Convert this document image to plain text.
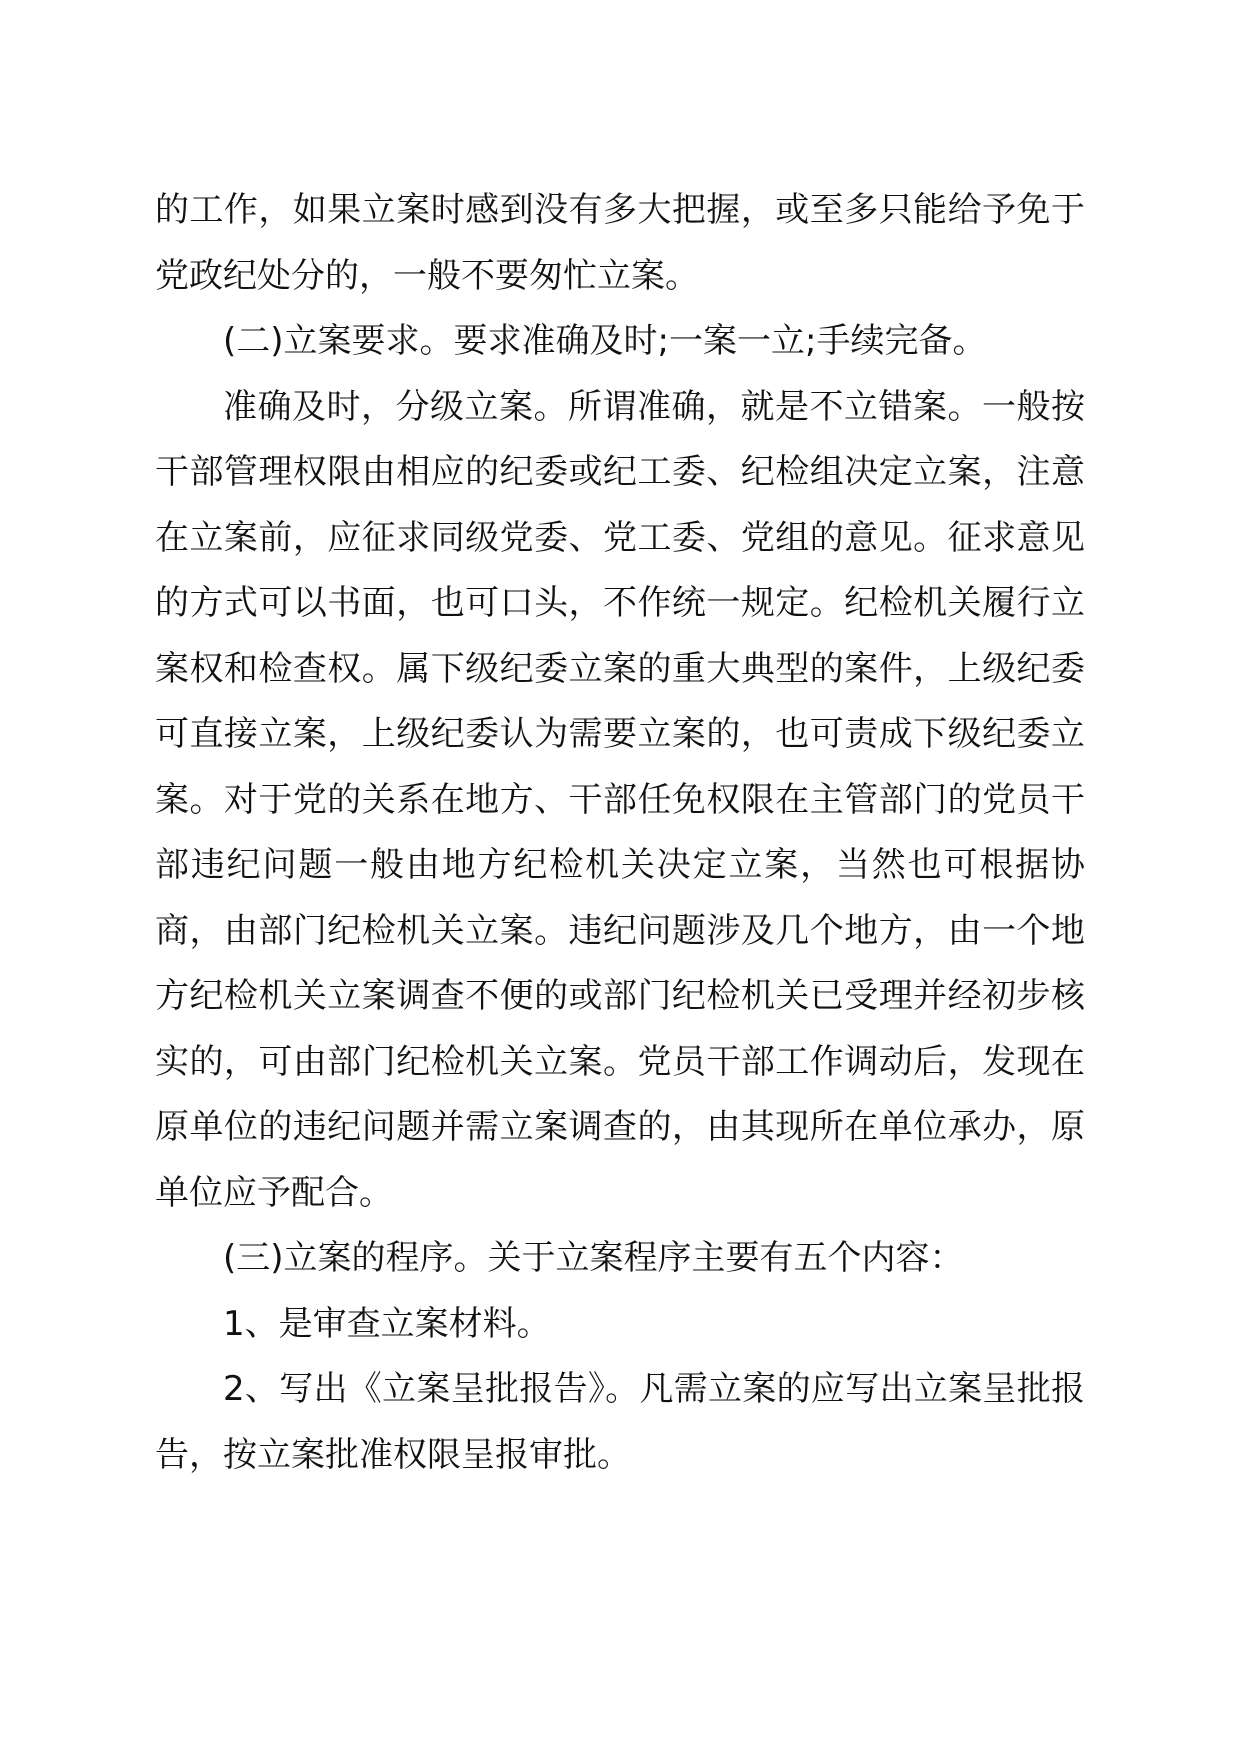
的工作，如果立案时感到没有多大把握，或至多只能给予免于党政纪处分的，一般不要匆忙立案。

(二)立案要求。要求准确及时;一案一立;手续完备。

准确及时，分级立案。所谓准确，就是不立错案。一般按干部管理权限由相应的纪委或纪工委、纪检组决定立案，注意在立案前，应征求同级党委、党工委、党组的意见。征求意见的方式可以书面，也可口头，不作统一规定。纪检机关履行立案权和检查权。属下级纪委立案的重大典型的案件，上级纪委可直接立案，上级纪委认为需要立案的，也可责成下级纪委立案。对于党的关系在地方、干部任免权限在主管部门的党员干部违纪问题一般由地方纪检机关决定立案，当然也可根据协商，由部门纪检机关立案。违纪问题涉及几个地方，由一个地方纪检机关立案调查不便的或部门纪检机关已受理并经初步核实的，可由部门纪检机关立案。党员干部工作调动后，发现在原单位的违纪问题并需立案调查的，由其现所在单位承办，原单位应予配合。

(三)立案的程序。关于立案程序主要有五个内容：

1、是审查立案材料。

2、写出《立案呈批报告》。凡需立案的应写出立案呈批报告，按立案批准权限呈报审批。
